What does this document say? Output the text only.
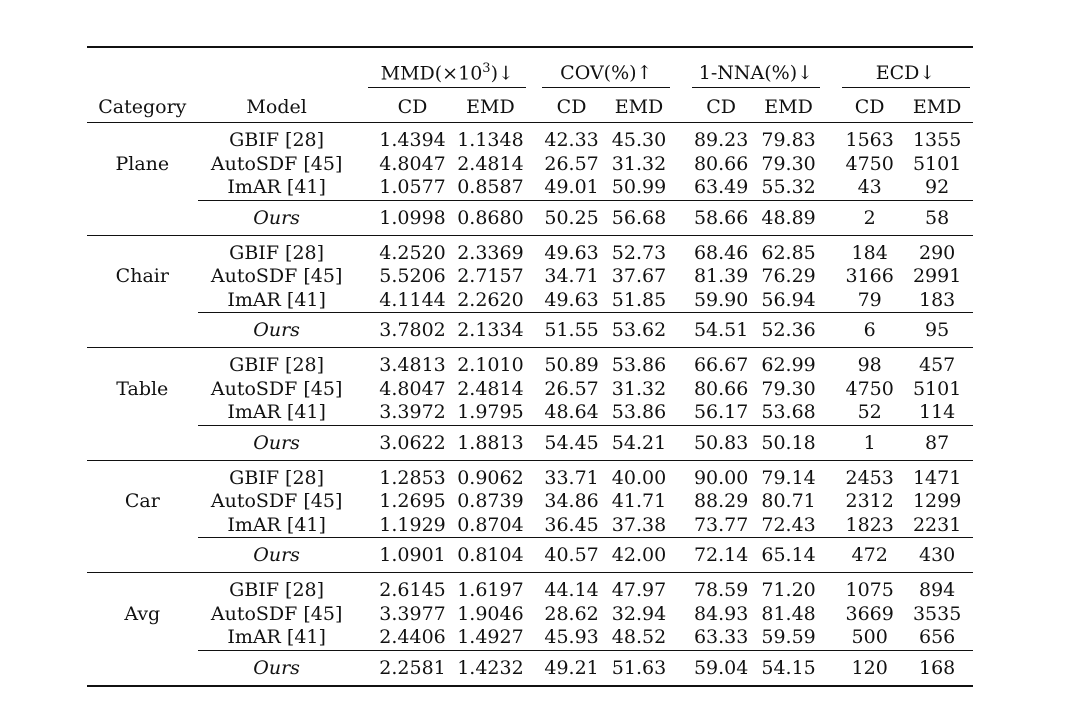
			$MMD(\times 10^3)↓$			COV(%)↑			1-NNA(%)↓			ECD↓	
Category	Model		CD	EMD		CD	EMD		CD	EMD		CD	EMD
	GBIF [28]		1.4394	1.1348		42.33	45.30		89.23	79.83		1563	1355
Plane	AutoSDF [45]		4.8047	2.4814		26.57	31.32		80.66	79.30		4750	5101
	ImAR [41]		1.0577	0.8587		49.01	50.99		63.49	55.32		43	92
	Ours		1.0998	0.8680		50.25	56.68		58.66	48.89		2	58
	GBIF [28]		4.2520	2.3369		49.63	52.73		68.46	62.85		184	290
Chair	AutoSDF [45]		5.5206	2.7157		34.71	37.67		81.39	76.29		3166	2991
	ImAR [41]		4.1144	2.2620		49.63	51.85		59.90	56.94		79	183
	Ours		3.7802	2.1334		51.55	53.62		54.51	52.36		6	95
	GBIF [28]		3.4813	2.1010		50.89	53.86		66.67	62.99		98	457
Table	AutoSDF [45]		4.8047	2.4814		26.57	31.32		80.66	79.30		4750	5101
	ImAR [41]		3.3972	1.9795		48.64	53.86		56.17	53.68		52	114
	Ours		3.0622	1.8813		54.45	54.21		50.83	50.18		1	87
	GBIF [28]		1.2853	0.9062		33.71	40.00		90.00	79.14		2453	1471
Car	AutoSDF [45]		1.2695	0.8739		34.86	41.71		88.29	80.71		2312	1299
	ImAR [41]		1.1929	0.8704		36.45	37.38		73.77	72.43		1823	2231
	Ours		1.0901	0.8104		40.57	42.00		72.14	65.14		472	430
	GBIF [28]		2.6145	1.6197		44.14	47.97		78.59	71.20		1075	894
Avg	AutoSDF [45]		3.3977	1.9046		28.62	32.94		84.93	81.48		3669	3535
	ImAR [41]		2.4406	1.4927		45.93	48.52		63.33	59.59		500	656
	Ours		2.2581	1.4232		49.21	51.63		59.04	54.15		120	168
